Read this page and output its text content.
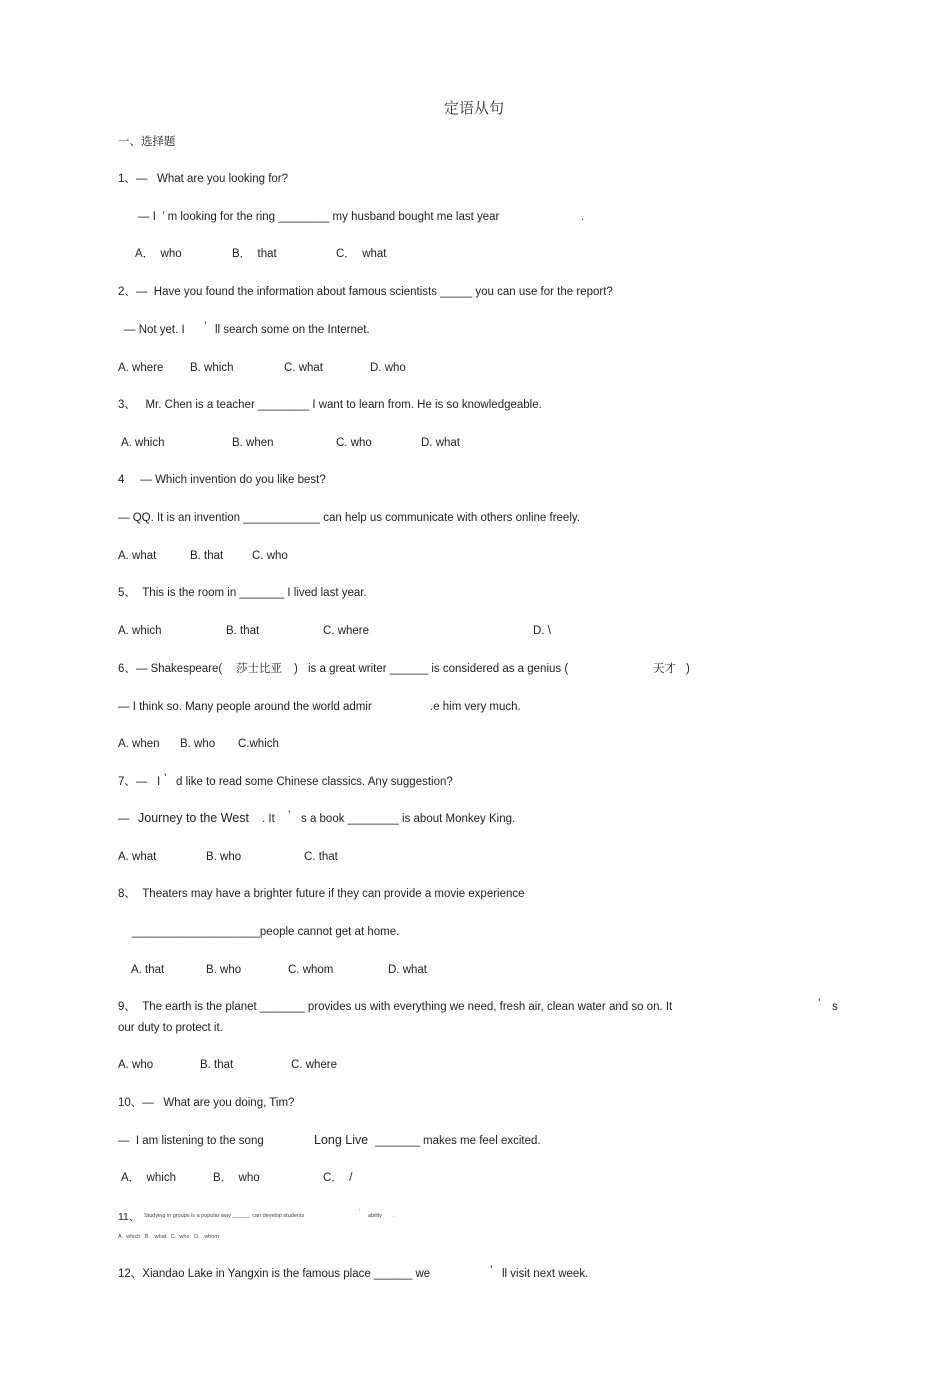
定语从句
一、选择题
1、—   What are you looking for?
— I  ’ m looking for the ring ________ my husband bought me last year	.
A．  who	B．  that	C．  what
2、—  Have you found the information about famous scientists _____ you can use for the report?
— Not yet. I ’ ll search some on the Internet.
A. where B. which	C. what	D. who
3、   Mr. Chen is a teacher ________ I want to learn from. He is so knowledgeable.
A. which	B. when	C. who	D. what
4     — Which invention do you like best?
— QQ. It is an invention ____________ can help us communicate with others online freely.
A. what	B. that	C. who
5、  This is the room in _______ I lived last year.
A. which	B. that	C. where	D. \
6、— Shakespeare( 莎士比亚 ) is a great writer ______ is considered as a genius (	天才 )
— I think so. Many people around the world admir	.e him very much.
A. when B. who C.which
7、—   I ’ d like to read some Chinese classics. Any suggestion?
— Journey to the West . It ’ s a book ________ is about Monkey King.
A. what	B. who	C. that
8、  Theaters may have a brighter future if they can provide a movie experience
____________________people cannot get at home.
A. that	B. who	C. whom	D. what
9、  The earth is the planet _______ provides us with everything we need, fresh air, clean water and so on. It	’ s
our duty to protect it.
A. who	B. that	C. where
10、—   What are you doing, Tim?
—  I am listening to the song	Long Live _______ makes me feel excited.
A．  which	B．  who	C．  /
11、 Studying in groups is a popular way ______ can develop students
’
ability .
A.  which   B.   what   C.  who   D.   whom
12、Xiandao Lake in Yangxin is the famous place ______ we	’ ll visit next week.
